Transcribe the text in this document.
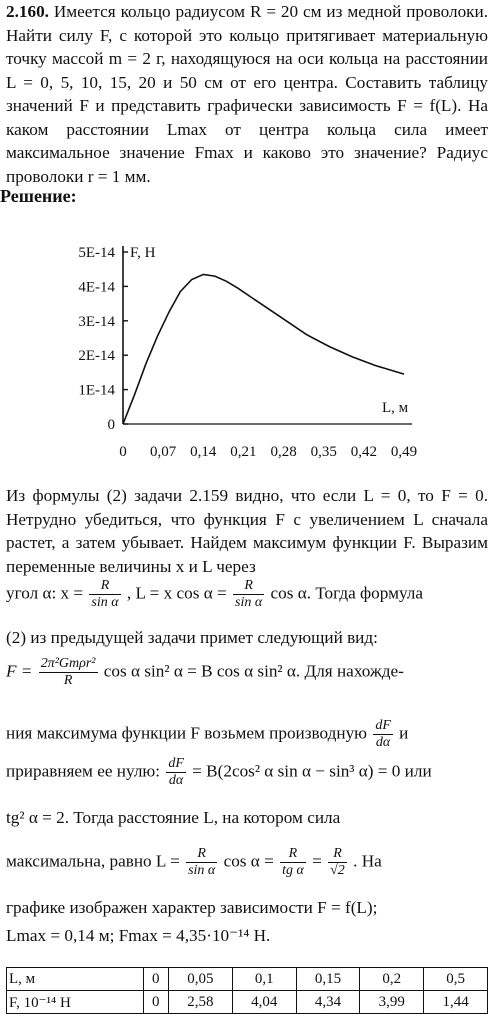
2.160. Имеется кольцо радиусом R = 20 см из медной проволоки. Найти силу F, с которой это кольцо притягивает материальную точку массой m = 2 г, находящуюся на оси кольца на расстоянии L = 0, 5, 10, 15, 20 и 50 см от его центра. Составить таблицу значений F и представить графически зависимость F = f(L). На каком расстоянии Lmax от центра кольца сила имеет максимальное значение Fmax и каково это значение? Радиус проволоки r = 1 мм.
Решение:
F, Н
L, м
0
1E-14
2E-14
3E-14
4E-14
5E-14
0 0,07 0,14 0,21 0,28 0,35 0,42 0,49
Из формулы (2) задачи 2.159 видно, что если L = 0, то F = 0. Нетрудно убедиться, что функция F с увеличением L сначала растет, а затем убывает. Найдем максимум функции F. Выразим переменные величины x и L через
угол α: $x = \frac{R}{\text{sin α}}$ , L = x $\cos \alpha = \frac{R}{\text{sin α}}$ cos α. Тогда формула
(2) из предыдущей задачи примет следующий вид:
$F = \frac{\text{2π²Gmρr²}}{R}$ cos α sin² α = B cos α sin² α. Для нахожде-
ния максимума функции F возьмем производную $\frac{dF}{d\alpha}$ и
приравняем ее нулю: $\frac{dF}{d\alpha} = B(2\cos^2$ α sin α − sin³ α) = 0 или
tg² α = 2. Тогда расстояние L, на котором сила
максимальна, равно $L = \frac{R}{\text{sin α}}$ $\cos \alpha = \frac{R}{\text{tg α}} = \frac{R}{√2}$ . На
графике изображен характер зависимости F = f(L);
Lmax = 0,14 м; Fmax = 4,35·10⁻¹⁴ Н.
L, м	0	0,05	0,1	0,15	0,2	0,5
F, 10⁻¹⁴ Н	0	2,58	4,04	4,34	3,99	1,44
